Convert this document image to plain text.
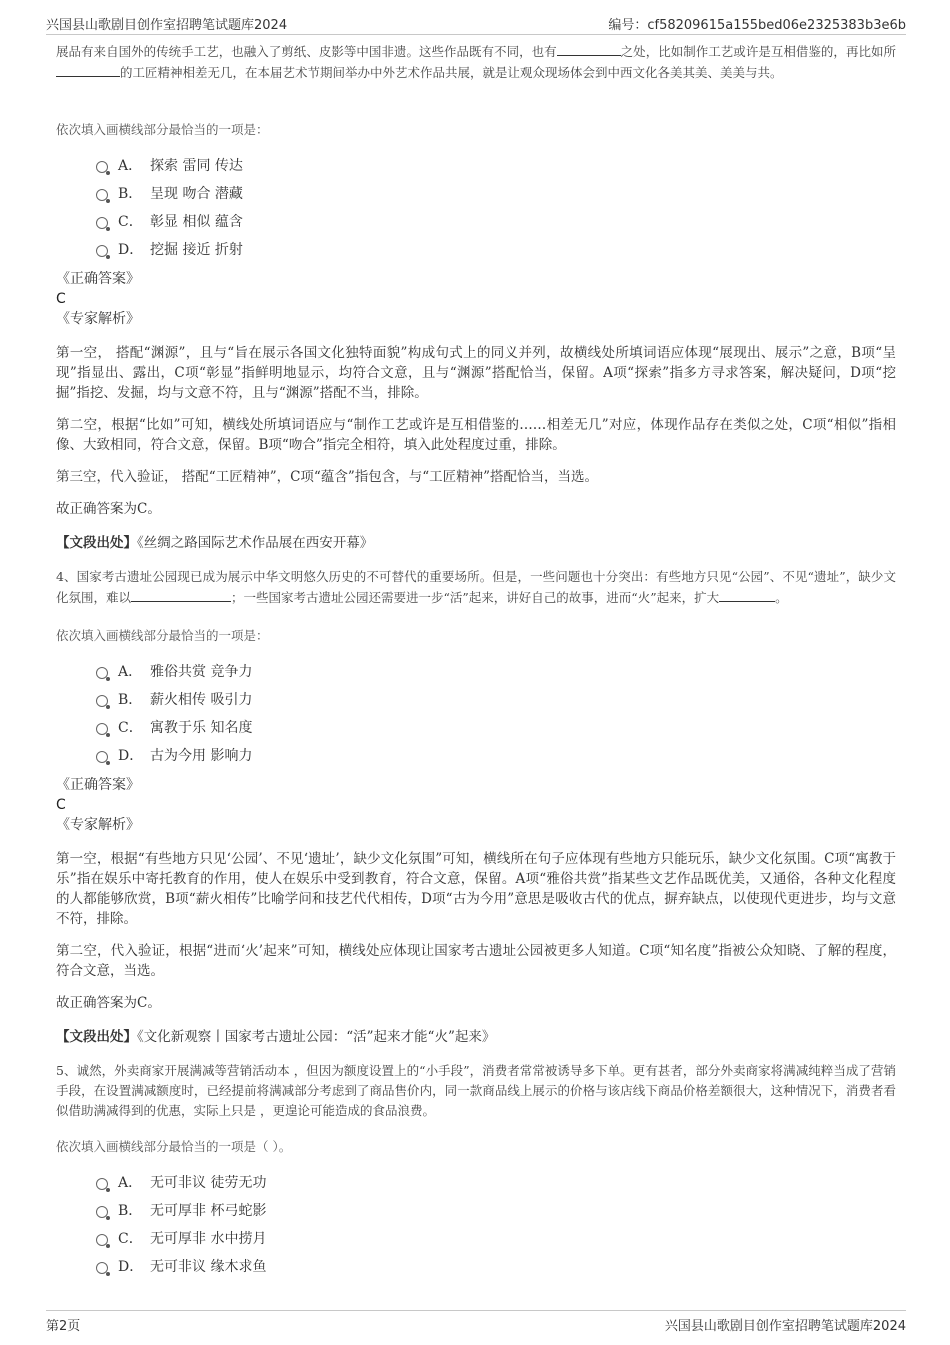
兴国县山歌剧目创作室招聘笔试题库2024	编号：cf58209615a155bed06e2325383b3e6b

展品有来自国外的传统手工艺，也融入了剪纸、皮影等中国非遗。这些作品既有不同，也有	之处，比如制作工艺或许是互相借鉴的，再比如所的工匠精神相差无几，在本届艺术节期间举办中外艺术作品共展，就是让观众现场体会到中西文化各美其美、美美与共。

依次填入画横线部分最恰当的一项是：

A． 探索 雷同 传达
B． 呈现 吻合 潜藏
C． 彰显 相似 蕴含
D． 挖掘 接近 折射

《正确答案》

C

《专家解析》

第一空， 搭配“渊源”，且与“旨在展示各国文化独特面貌”构成句式上的同义并列，故横线处所填词语应体现“展现出、展示”之意，B项“呈现”指显出、露出，C项“彰显”指鲜明地显示，均符合文意，且与“渊源”搭配恰当，保留。A项“探索”指多方寻求答案，解决疑问，D项“挖掘”指挖、发掘，均与文意不符，且与“渊源”搭配不当，排除。

第二空，根据“比如”可知，横线处所填词语应与“制作工艺或许是互相借鉴的……相差无几”对应，体现作品存在类似之处，C项“相似”指相像、大致相同，符合文意，保留。B项“吻合”指完全相符，填入此处程度过重，排除。

第三空，代入验证， 搭配“工匠精神”，C项“蕴含”指包含，与“工匠精神”搭配恰当，当选。

故正确答案为C。

【文段出处】《丝绸之路国际艺术作品展在西安开幕》

4、国家考古遗址公园现已成为展示中华文明悠久历史的不可替代的重要场所。但是，一些问题也十分突出：有些地方只见“公园”、不见“遗址”，缺少文化氛围，难以	；一些国家考古遗址公园还需要进一步“活”起来，讲好自己的故事，进而“火”起来，扩大	。

依次填入画横线部分最恰当的一项是：

A． 雅俗共赏 竞争力
B． 薪火相传 吸引力
C． 寓教于乐 知名度
D． 古为今用 影响力

《正确答案》

C

《专家解析》

第一空，根据“有些地方只见‘公园’、不见‘遗址’，缺少文化氛围”可知，横线所在句子应体现有些地方只能玩乐，缺少文化氛围。C项“寓教于乐”指在娱乐中寄托教育的作用，使人在娱乐中受到教育，符合文意，保留。A项“雅俗共赏”指某些文艺作品既优美，又通俗，各种文化程度的人都能够欣赏，B项“薪火相传”比喻学问和技艺代代相传，D项“古为今用”意思是吸收古代的优点，摒弃缺点，以使现代更进步，均与文意不符，排除。

第二空，代入验证，根据“进而‘火’起来”可知，横线处应体现让国家考古遗址公园被更多人知道。C项“知名度”指被公众知晓、了解的程度，符合文意，当选。

故正确答案为C。

【文段出处】《文化新观察丨国家考古遗址公园：“活”起来才能“火”起来》

5、诚然，外卖商家开展满减等营销活动本 ，但因为额度设置上的“小手段”，消费者常常被诱导多下单。更有甚者，部分外卖商家将满减纯粹当成了营销手段，在设置满减额度时，已经提前将满减部分考虑到了商品售价内，同一款商品线上展示的价格与该店线下商品价格差额很大，这种情况下，消费者看似借助满减得到的优惠，实际上只是 ，更遑论可能造成的食品浪费。

依次填入画横线部分最恰当的一项是（ ）。

A． 无可非议 徒劳无功
B． 无可厚非 杯弓蛇影
C． 无可厚非 水中捞月
D． 无可非议 缘木求鱼
第2页	兴国县山歌剧目创作室招聘笔试题库2024
